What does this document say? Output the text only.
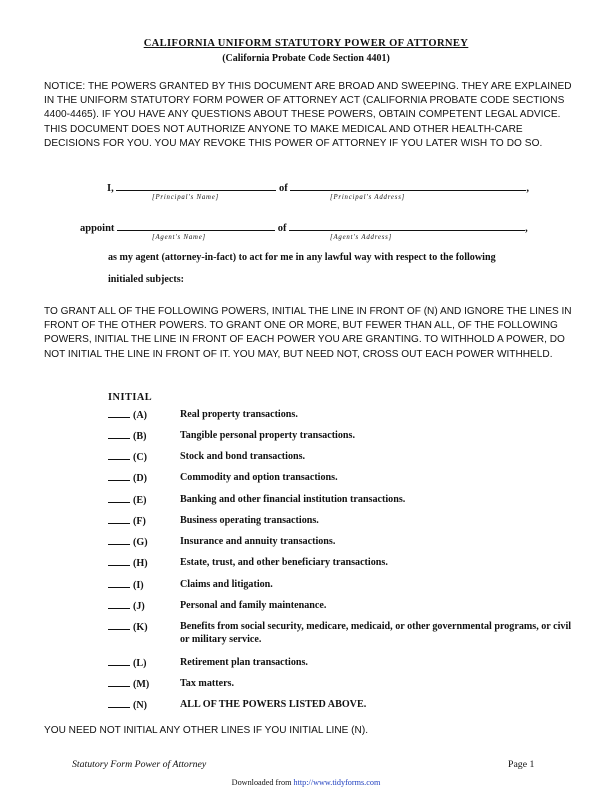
CALIFORNIA UNIFORM STATUTORY POWER OF ATTORNEY
(California Probate Code Section 4401)
NOTICE: THE POWERS GRANTED BY THIS DOCUMENT ARE BROAD AND SWEEPING. THEY ARE EXPLAINED IN THE UNIFORM STATUTORY FORM POWER OF ATTORNEY ACT (CALIFORNIA PROBATE CODE SECTIONS 4400-4465). IF YOU HAVE ANY QUESTIONS ABOUT THESE POWERS, OBTAIN COMPETENT LEGAL ADVICE. THIS DOCUMENT DOES NOT AUTHORIZE ANYONE TO MAKE MEDICAL AND OTHER HEALTH-CARE DECISIONS FOR YOU. YOU MAY REVOKE THIS POWER OF ATTORNEY IF YOU LATER WISH TO DO SO.
I,	of	,
[Principal's Name]	[Principal's Address]
appoint	of	,
[Agent's Name]	[Agent's Address]
as my agent (attorney-in-fact) to act for me in any lawful way with respect to the following
initialed subjects:
TO GRANT ALL OF THE FOLLOWING POWERS, INITIAL THE LINE IN FRONT OF (N) AND IGNORE THE LINES IN FRONT OF THE OTHER POWERS. TO GRANT ONE OR MORE, BUT FEWER THAN ALL, OF THE FOLLOWING POWERS, INITIAL THE LINE IN FRONT OF EACH POWER YOU ARE GRANTING. TO WITHHOLD A POWER, DO NOT INITIAL THE LINE IN FRONT OF IT. YOU MAY, BUT NEED NOT, CROSS OUT EACH POWER WITHHELD.
INITIAL
(A)	Real property transactions.
(B)	Tangible personal property transactions.
(C)	Stock and bond transactions.
(D)	Commodity and option transactions.
(E)	Banking and other financial institution transactions.
(F)	Business operating transactions.
(G)	Insurance and annuity transactions.
(H)	Estate, trust, and other beneficiary transactions.
(I)	Claims and litigation.
(J)	Personal and family maintenance.
(K)	Benefits from social security, medicare, medicaid, or other governmental programs, or civil or military service.
(L)	Retirement plan transactions.
(M)	Tax matters.
(N)	ALL OF THE POWERS LISTED ABOVE.
YOU NEED NOT INITIAL ANY OTHER LINES IF YOU INITIAL LINE (N).
Statutory Form Power of Attorney	Page 1
Downloaded from http://www.tidyforms.com
